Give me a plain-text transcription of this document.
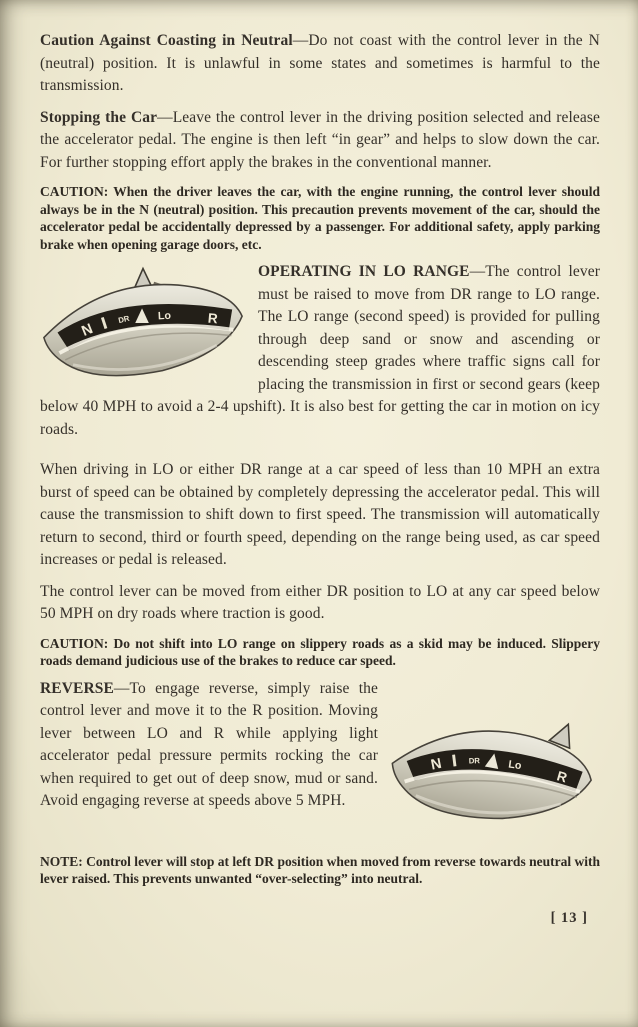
Caution Against Coasting in Neutral—Do not coast with the control lever in the N (neutral) position. It is unlawful in some states and sometimes is harmful to the transmission.

Stopping the Car—Leave the control lever in the driving position selected and release the accelerator pedal. The engine is then left “in gear” and helps to slow down the car. For further stopping effort apply the brakes in the conventional manner.

CAUTION: When the driver leaves the car, with the engine running, the control lever should always be in the N (neutral) position. This precaution prevents movement of the car, should the accelerator pedal be accidentally depressed by a passenger. For additional safety, apply parking brake when opening garage doors, etc.

N
DR Lo	R

OPERATING IN LO RANGE—The control lever must be raised to move from DR range to LO range. The LO range (second speed) is provided for pulling through deep sand or snow and ascending or descending steep grades where traffic signs call for placing the transmission in first or second gears (keep below 40 MPH to avoid a 2-4 upshift). It is also best for getting the car in motion on icy roads.

When driving in LO or either DR range at a car speed of less than 10 MPH an extra burst of speed can be obtained by completely depressing the accelerator pedal. This will cause the transmission to shift down to first speed. The transmission will automatically return to second, third or fourth speed, depending on the range being used, as car speed increases or pedal is released.

The control lever can be moved from either DR position to LO at any car speed below 50 MPH on dry roads where traction is good.

CAUTION: Do not shift into LO range on slippery roads as a skid may be induced. Slippery roads demand judicious use of the brakes to reduce car speed.

N	DR Lo
R

REVERSE—To engage reverse, simply raise the control lever and move it to the R position. Moving lever between LO and R while applying light accelerator pedal pressure permits rocking the car when required to get out of deep snow, mud or sand. Avoid engaging reverse at speeds above 5 MPH.

NOTE: Control lever will stop at left DR position when moved from reverse towards neutral with lever raised. This prevents unwanted “over-selecting” into neutral.

[ 13 ]
